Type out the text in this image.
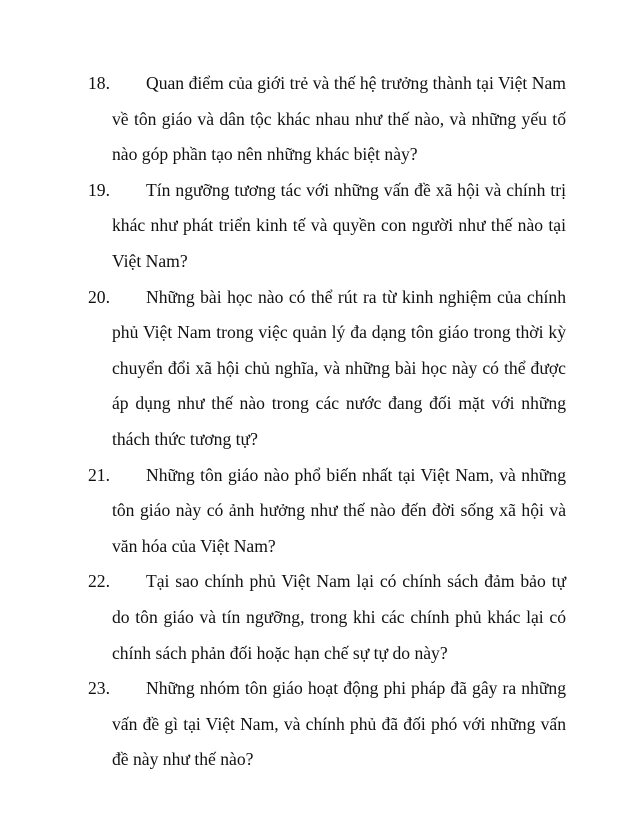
18.	Quan điểm của giới trẻ và thế hệ trưởng thành tại Việt Nam về tôn giáo và dân tộc khác nhau như thế nào, và những yếu tố nào góp phần tạo nên những khác biệt này?

19.	Tín ngưỡng tương tác với những vấn đề xã hội và chính trị khác như phát triển kinh tế và quyền con người như thế nào tại Việt Nam?

20.	Những bài học nào có thể rút ra từ kinh nghiệm của chính phủ Việt Nam trong việc quản lý đa dạng tôn giáo trong thời kỳ chuyển đổi xã hội chủ nghĩa, và những bài học này có thể được áp dụng như thế nào trong các nước đang đối mặt với những thách thức tương tự?

21.	Những tôn giáo nào phổ biến nhất tại Việt Nam, và những tôn giáo này có ảnh hưởng như thế nào đến đời sống xã hội và văn hóa của Việt Nam?

22.	Tại sao chính phủ Việt Nam lại có chính sách đảm bảo tự do tôn giáo và tín ngưỡng, trong khi các chính phủ khác lại có chính sách phản đối hoặc hạn chế sự tự do này?

23.	Những nhóm tôn giáo hoạt động phi pháp đã gây ra những vấn đề gì tại Việt Nam, và chính phủ đã đối phó với những vấn đề này như thế nào?
